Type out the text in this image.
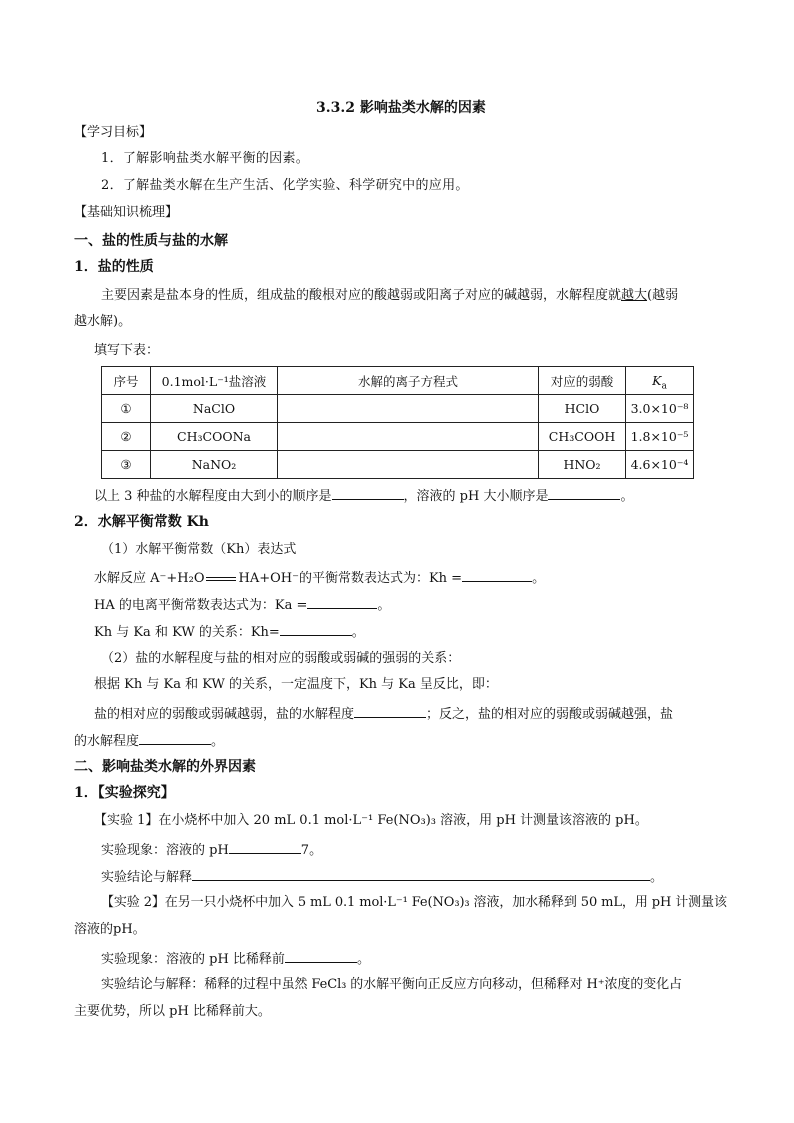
3.3.2 影响盐类水解的因素
【学习目标】
1．了解影响盐类水解平衡的因素。
2．了解盐类水解在生产生活、化学实验、科学研究中的应用。
【基础知识梳理】
一、盐的性质与盐的水解
1．盐的性质
主要因素是盐本身的性质，组成盐的酸根对应的酸越弱或阳离子对应的碱越弱，水解程度就越大(越弱
越水解)。
填写下表：
序号	0.1mol·L⁻¹盐溶液	水解的离子方程式	对应的弱酸	$K_a$
①	NaClO		HClO	3.0×10⁻⁸
②	CH₃COONa		CH₃COOH	1.8×10⁻⁵
③	NaNO₂		HNO₂	4.6×10⁻⁴
以上 3 种盐的水解程度由大到小的顺序是	，溶液的 pH 大小顺序是	。
2．水解平衡常数 Kh
（1）水解平衡常数（Kh）表达式
水解反应 A⁻+H₂O	HA+OH⁻的平衡常数表达式为：Kh =	。
HA 的电离平衡常数表达式为：Ka =	。
Kh 与 Ka 和 KW 的关系：Kh=	。
（2）盐的水解程度与盐的相对应的弱酸或弱碱的强弱的关系：
根据 Kh 与 Ka 和 KW 的关系，一定温度下，Kh 与 Ka 呈反比，即：
盐的相对应的弱酸或弱碱越弱，盐的水解程度	；反之，盐的相对应的弱酸或弱碱越强，盐
的水解程度	。
二、影响盐类水解的外界因素
1．【实验探究】
【实验 1】在小烧杯中加入 20 mL 0.1 mol·L⁻¹ Fe(NO₃)₃ 溶液，用 pH 计测量该溶液的 pH。
实验现象：溶液的 pH	7。
实验结论与解释	。
【实验 2】在另一只小烧杯中加入 5 mL 0.1 mol·L⁻¹ Fe(NO₃)₃ 溶液，加水稀释到 50 mL，用 pH 计测量该
溶液的pH。
实验现象：溶液的 pH 比稀释前	。
实验结论与解释：稀释的过程中虽然 FeCl₃ 的水解平衡向正反应方向移动，但稀释对 H⁺浓度的变化占
主要优势，所以 pH 比稀释前大。
